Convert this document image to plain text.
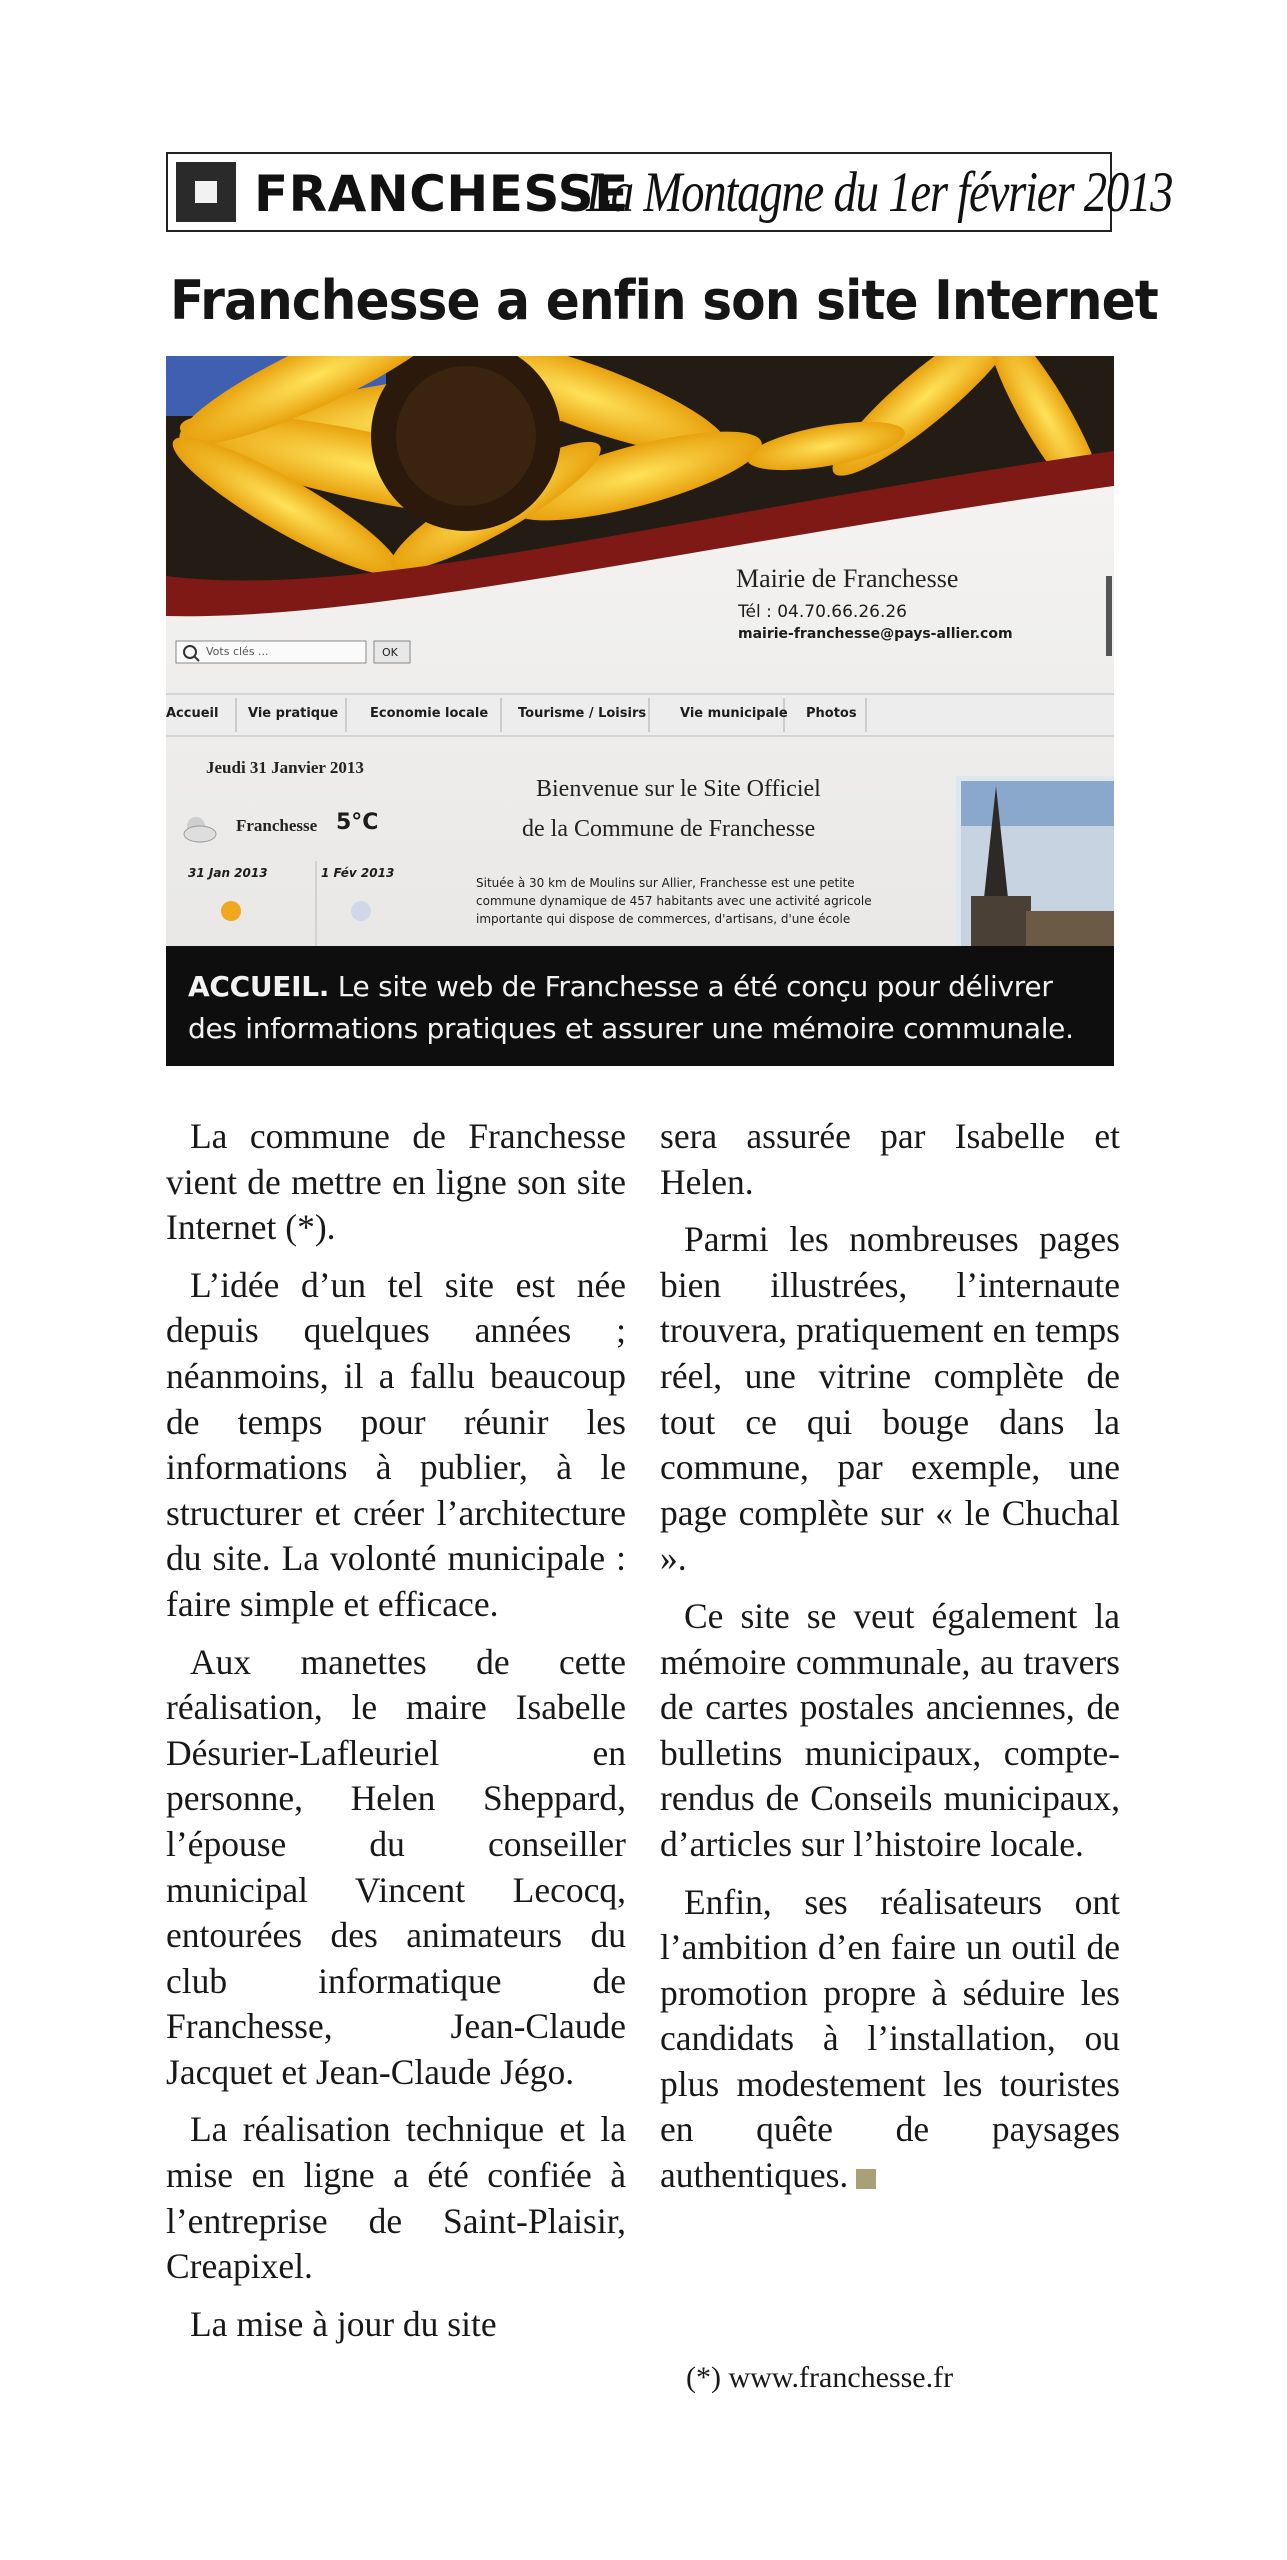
FRANCHESSE
La Montagne du 1er février 2013
Franchesse a enfin son site Internet
Mairie de Franchesse
Tél : 04.70.66.26.26
mairie-franchesse@pays-allier.com
Vots clés ...	OK
Accueil Vie pratique Economie locale Tourisme / Loisirs	Vie municipale Photos
Jeudi 31 Janvier 2013
Franchesse 5°C
31 Jan 2013	1 Fév 2013
Bienvenue sur le Site Officiel
de la Commune de Franchesse
Située à 30 km de Moulins sur Allier, Franchesse est une petite
commune dynamique de 457 habitants avec une activité agricole
importante qui dispose de commerces, d'artisans, d'une école
ACCUEIL. Le site web de Franchesse a été conçu pour délivrer des informations pratiques et assurer une mémoire communale.

La commune de Franchesse vient de mettre en ligne son site Internet (*).

L’idée d’un tel site est née depuis quelques années ; néanmoins, il a fallu beaucoup de temps pour réunir les informations à publier, à le structurer et créer l’architecture du site. La volonté municipale : faire simple et efficace.

Aux manettes de cette réalisation, le maire Isabelle Désurier-Lafleuriel en personne, Helen Sheppard, l’épouse du conseiller municipal Vincent Lecocq, entourées des animateurs du club informatique de Franchesse, Jean-Claude Jacquet et Jean-Claude Jégo.

La réalisation technique et la mise en ligne a été confiée à l’entreprise de Saint-Plaisir, Creapixel.

La mise à jour du site

sera assurée par Isabelle et Helen.

Parmi les nombreuses pages bien illustrées, l’internaute trouvera, pratiquement en temps réel, une vitrine complète de tout ce qui bouge dans la commune, par exemple, une page complète sur « le Chuchal ».

Ce site se veut également la mémoire communale, au travers de cartes postales anciennes, de bulletins municipaux, compte-rendus de Conseils municipaux, d’articles sur l’histoire locale.

Enfin, ses réalisateurs ont l’ambition d’en faire un outil de promotion propre à séduire les candidats à l’installation, ou plus modestement les touristes en quête de paysages authentiques.

(*) www.franchesse.fr
